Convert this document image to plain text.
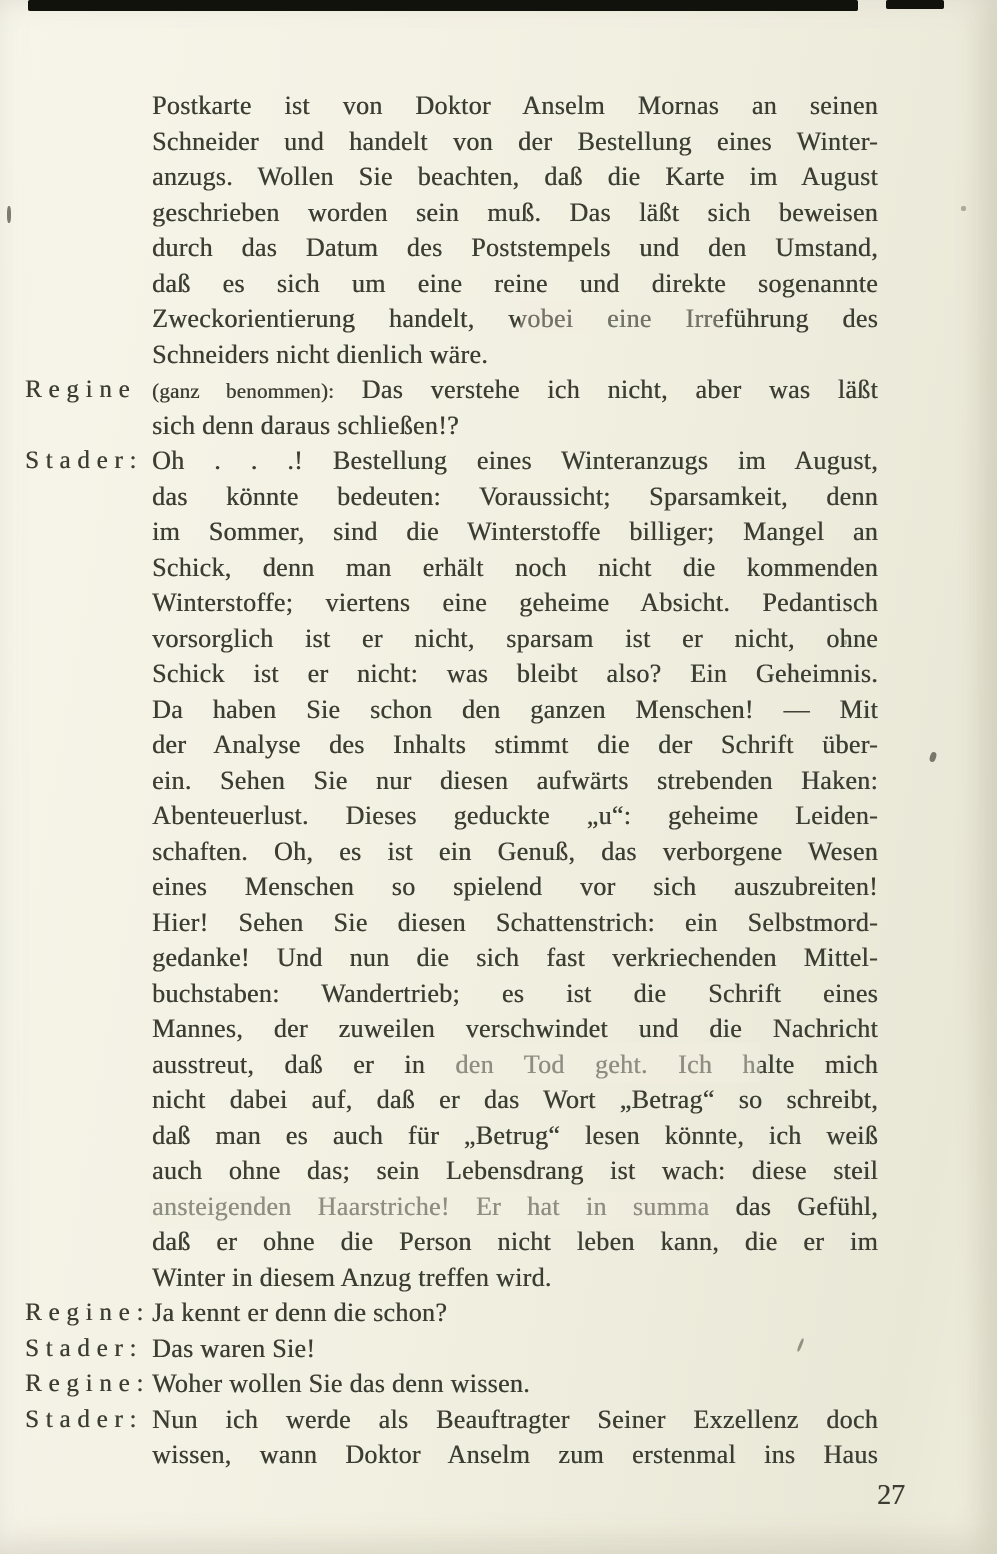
Postkarte ist von Doktor Anselm Mornas an seinen
Schneider und handelt von der Bestellung eines Winter-
anzugs. Wollen Sie beachten, daß die Karte im August
geschrieben worden sein muß. Das läßt sich beweisen
durch das Datum des Poststempels und den Umstand,
daß es sich um eine reine und direkte sogenannte
Zweckorientierung handelt, wobei eine Irreführung des
Schneiders nicht dienlich wäre.
Regine (ganz benommen): Das verstehe ich nicht, aber was läßt
sich denn daraus schließen!?
Stader: Oh . . .! Bestellung eines Winteranzugs im August,
das könnte bedeuten: Voraussicht; Sparsamkeit, denn
im Sommer, sind die Winterstoffe billiger; Mangel an
Schick, denn man erhält noch nicht die kommenden
Winterstoffe; viertens eine geheime Absicht. Pedantisch
vorsorglich ist er nicht, sparsam ist er nicht, ohne
Schick ist er nicht: was bleibt also? Ein Geheimnis.
Da haben Sie schon den ganzen Menschen! — Mit
der Analyse des Inhalts stimmt die der Schrift über-
ein. Sehen Sie nur diesen aufwärts strebenden Haken:
Abenteuerlust. Dieses geduckte „u“: geheime Leiden-
schaften. Oh, es ist ein Genuß, das verborgene Wesen
eines Menschen so spielend vor sich auszubreiten!
Hier! Sehen Sie diesen Schattenstrich: ein Selbstmord-
gedanke! Und nun die sich fast verkriechenden Mittel-
buchstaben: Wandertrieb; es ist die Schrift eines
Mannes, der zuweilen verschwindet und die Nachricht
ausstreut, daß er in den Tod geht. Ich halte mich
nicht dabei auf, daß er das Wort „Betrag“ so schreibt,
daß man es auch für „Betrug“ lesen könnte, ich weiß
auch ohne das; sein Lebensdrang ist wach: diese steil
ansteigenden Haarstriche! Er hat in summa das Gefühl,
daß er ohne die Person nicht leben kann, die er im
Winter in diesem Anzug treffen wird.
Regine: Ja kennt er denn die schon?
Stader: Das waren Sie!
Regine: Woher wollen Sie das denn wissen.
Stader: Nun ich werde als Beauftragter Seiner Exzellenz doch
wissen, wann Doktor Anselm zum erstenmal ins Haus
27
